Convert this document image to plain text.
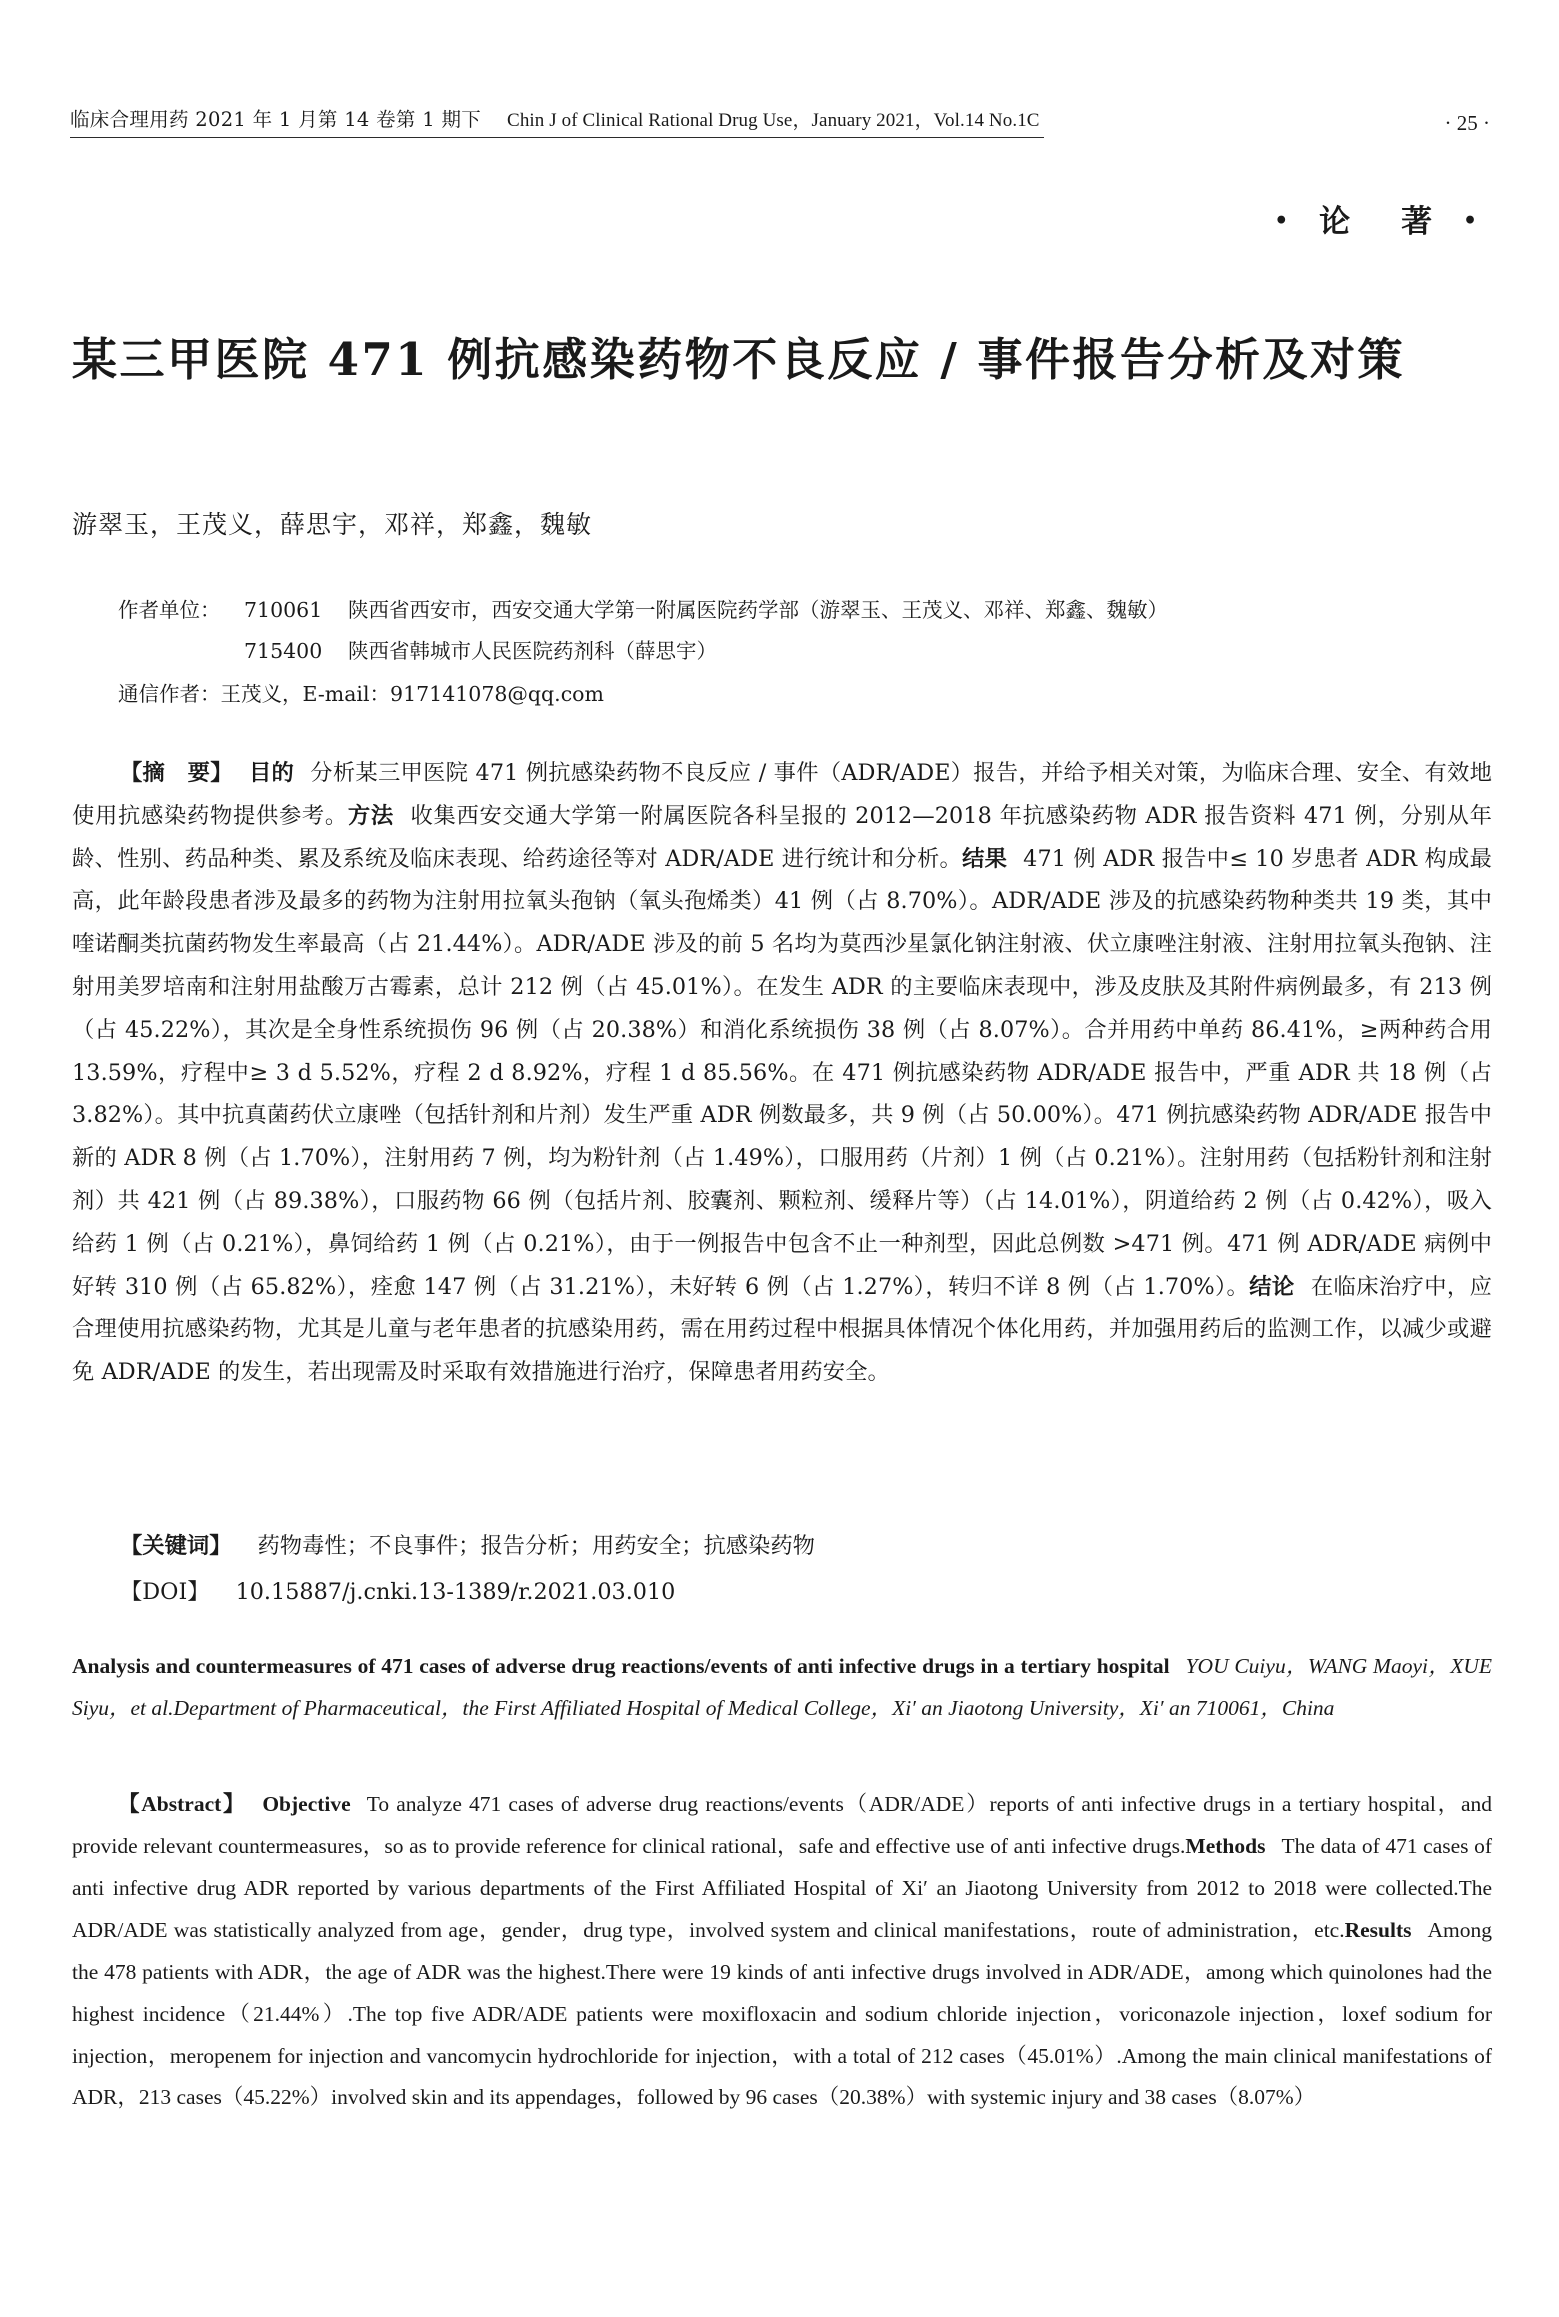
临床合理用药 2021 年 1 月第 14 卷第 1 期下 Chin J of Clinical Rational Drug Use，January 2021，Vol.14 No.1C	· 25 ·
• 论　著 •
某三甲医院 471 例抗感染药物不良反应 / 事件报告分析及对策
游翠玉，王茂义，薛思宇，邓祥，郑鑫，魏敏
作者单位：	710061	陕西省西安市，西安交通大学第一附属医院药学部（游翠玉、王茂义、邓祥、郑鑫、魏敏）
715400	陕西省韩城市人民医院药剂科（薛思宇）
通信作者： 王茂义，E-mail：917141078@qq.com
【摘　要】 目的 分析某三甲医院 471 例抗感染药物不良反应 / 事件（ADR/ADE）报告，并给予相关对策，为临床合理、安全、有效地使用抗感染药物提供参考。方法 收集西安交通大学第一附属医院各科呈报的 2012—2018 年抗感染药物 ADR 报告资料 471 例，分别从年龄、性别、药品种类、累及系统及临床表现、给药途径等对 ADR/ADE 进行统计和分析。结果 471 例 ADR 报告中≤ 10 岁患者 ADR 构成最高，此年龄段患者涉及最多的药物为注射用拉氧头孢钠（氧头孢烯类）41 例（占 8.70%）。ADR/ADE 涉及的抗感染药物种类共 19 类，其中喹诺酮类抗菌药物发生率最高（占 21.44%）。ADR/ADE 涉及的前 5 名均为莫西沙星氯化钠注射液、伏立康唑注射液、注射用拉氧头孢钠、注射用美罗培南和注射用盐酸万古霉素，总计 212 例（占 45.01%）。在发生 ADR 的主要临床表现中，涉及皮肤及其附件病例最多，有 213 例（占 45.22%），其次是全身性系统损伤 96 例（占 20.38%）和消化系统损伤 38 例（占 8.07%）。合并用药中单药 86.41%，≥两种药合用 13.59%，疗程中≥ 3 d 5.52%，疗程 2 d 8.92%，疗程 1 d 85.56%。在 471 例抗感染药物 ADR/ADE 报告中，严重 ADR 共 18 例（占 3.82%）。其中抗真菌药伏立康唑（包括针剂和片剂）发生严重 ADR 例数最多，共 9 例（占 50.00%）。471 例抗感染药物 ADR/ADE 报告中新的 ADR 8 例（占 1.70%），注射用药 7 例，均为粉针剂（占 1.49%），口服用药（片剂）1 例（占 0.21%）。注射用药（包括粉针剂和注射剂）共 421 例（占 89.38%），口服药物 66 例（包括片剂、胶囊剂、颗粒剂、缓释片等）（占 14.01%），阴道给药 2 例（占 0.42%），吸入给药 1 例（占 0.21%），鼻饲给药 1 例（占 0.21%），由于一例报告中包含不止一种剂型，因此总例数 >471 例。471 例 ADR/ADE 病例中好转 310 例（占 65.82%），痊愈 147 例（占 31.21%），未好转 6 例（占 1.27%），转归不详 8 例（占 1.70%）。结论 在临床治疗中，应合理使用抗感染药物，尤其是儿童与老年患者的抗感染用药，需在用药过程中根据具体情况个体化用药，并加强用药后的监测工作，以减少或避免 ADR/ADE 的发生，若出现需及时采取有效措施进行治疗，保障患者用药安全。
【关键词】 药物毒性；不良事件；报告分析；用药安全；抗感染药物
【DOI】 10.15887/j.cnki.13-1389/r.2021.03.010
Analysis and countermeasures of 471 cases of adverse drug reactions/events of anti infective drugs in a tertiary hospital YOU Cuiyu，WANG Maoyi，XUE Siyu，et al.Department of Pharmaceutical，the First Affiliated Hospital of Medical College，Xi′ an Jiaotong University，Xi′ an 710061，China
【Abstract】 Objective To analyze 471 cases of adverse drug reactions/events（ADR/ADE）reports of anti infective drugs in a tertiary hospital，and provide relevant countermeasures，so as to provide reference for clinical rational，safe and effective use of anti infective drugs.Methods The data of 471 cases of anti infective drug ADR reported by various departments of the First Affiliated Hospital of Xi′ an Jiaotong University from 2012 to 2018 were collected.The ADR/ADE was statistically analyzed from age，gender，drug type，involved system and clinical manifestations，route of administration，etc.Results Among the 478 patients with ADR，the age of ADR was the highest.There were 19 kinds of anti infective drugs involved in ADR/ADE，among which quinolones had the highest incidence（21.44%）.The top five ADR/ADE patients were moxifloxacin and sodium chloride injection，voriconazole injection，loxef sodium for injection，meropenem for injection and vancomycin hydrochloride for injection，with a total of 212 cases（45.01%）.Among the main clinical manifestations of ADR，213 cases（45.22%）involved skin and its appendages，followed by 96 cases（20.38%）with systemic injury and 38 cases（8.07%）
